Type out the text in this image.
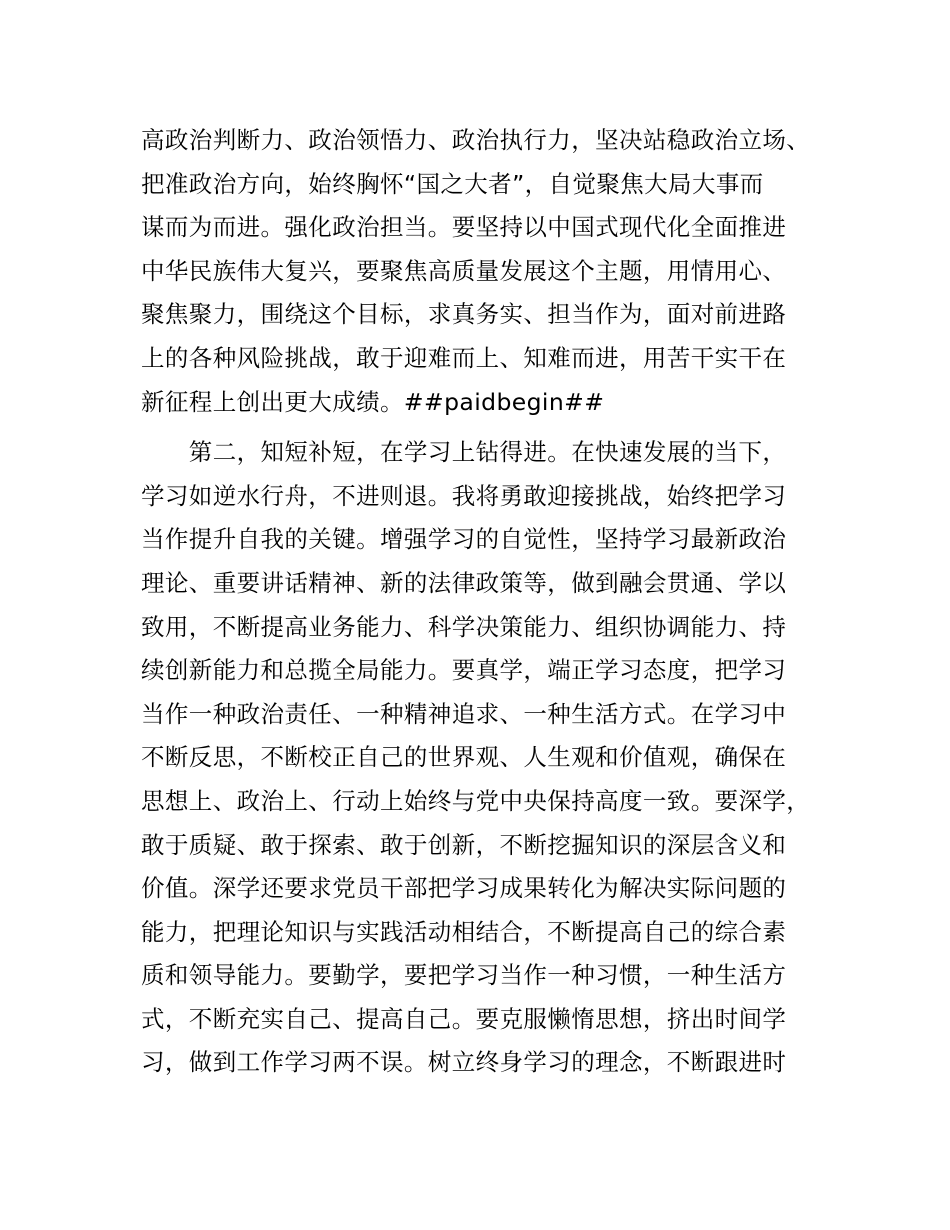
高政治判断力、政治领悟力、政治执行力，坚决站稳政治立场、
把准政治方向，始终胸怀“国之大者”，自觉聚焦大局大事而
谋而为而进。强化政治担当。要坚持以中国式现代化全面推进
中华民族伟大复兴，要聚焦高质量发展这个主题，用情用心、
聚焦聚力，围绕这个目标，求真务实、担当作为，面对前进路
上的各种风险挑战，敢于迎难而上、知难而进，用苦干实干在
新征程上创出更大成绩。##paidbegin##
　　第二，知短补短，在学习上钻得进。在快速发展的当下，
学习如逆水行舟，不进则退。我将勇敢迎接挑战，始终把学习
当作提升自我的关键。增强学习的自觉性，坚持学习最新政治
理论、重要讲话精神、新的法律政策等，做到融会贯通、学以
致用，不断提高业务能力、科学决策能力、组织协调能力、持
续创新能力和总揽全局能力。要真学，端正学习态度，把学习
当作一种政治责任、一种精神追求、一种生活方式。在学习中
不断反思，不断校正自己的世界观、人生观和价值观，确保在
思想上、政治上、行动上始终与党中央保持高度一致。要深学，
敢于质疑、敢于探索、敢于创新，不断挖掘知识的深层含义和
价值。深学还要求党员干部把学习成果转化为解决实际问题的
能力，把理论知识与实践活动相结合，不断提高自己的综合素
质和领导能力。要勤学，要把学习当作一种习惯，一种生活方
式，不断充实自己、提高自己。要克服懒惰思想，挤出时间学
习，做到工作学习两不误。树立终身学习的理念，不断跟进时
